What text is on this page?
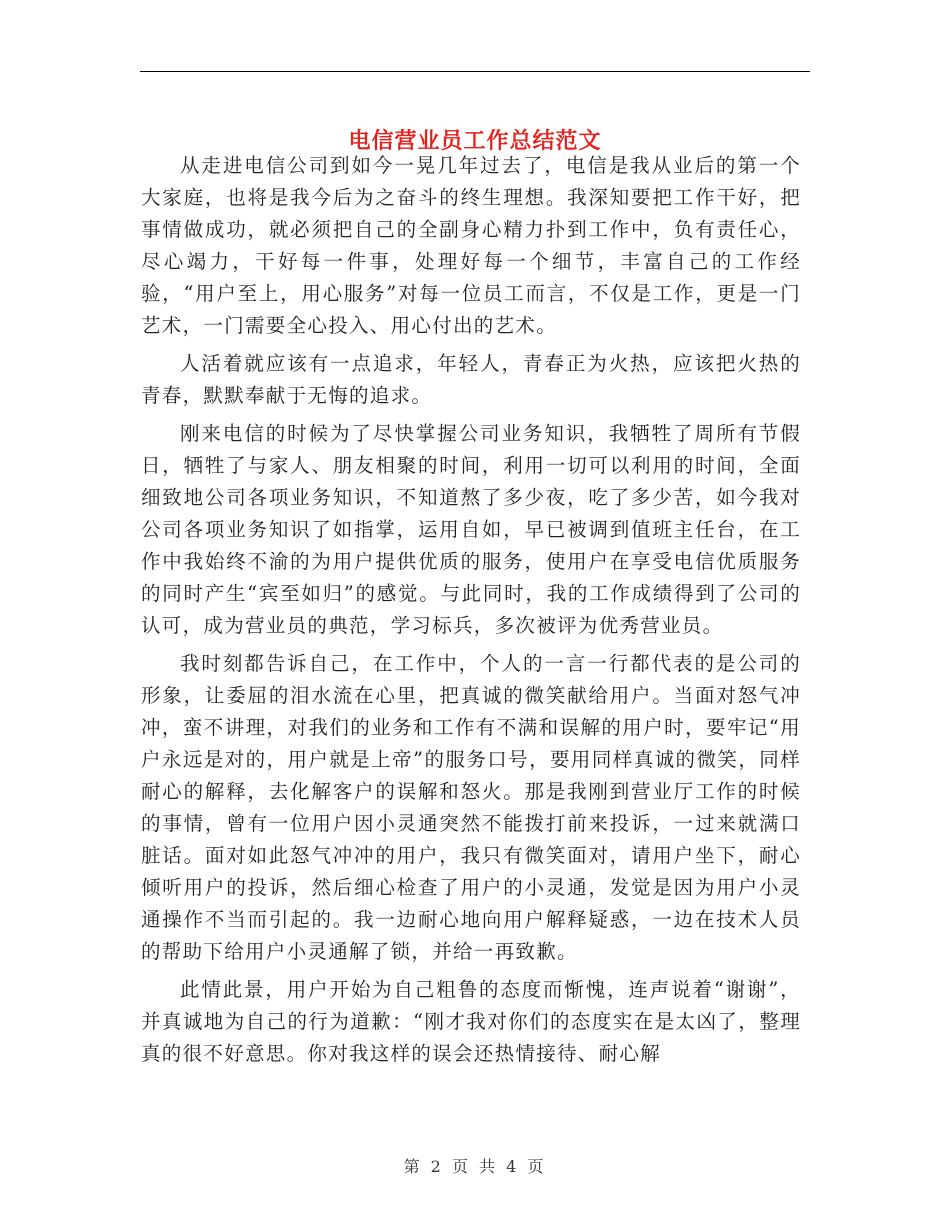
电信营业员工作总结范文

从走进电信公司到如今一晃几年过去了，电信是我从业后的第一个大家庭，也将是我今后为之奋斗的终生理想。我深知要把工作干好，把事情做成功，就必须把自己的全副身心精力扑到工作中，负有责任心，尽心竭力，干好每一件事，处理好每一个细节，丰富自己的工作经验，“用户至上，用心服务”对每一位员工而言，不仅是工作，更是一门艺术，一门需要全心投入、用心付出的艺术。

人活着就应该有一点追求，年轻人，青春正为火热，应该把火热的青春，默默奉献于无悔的追求。

刚来电信的时候为了尽快掌握公司业务知识，我牺牲了周所有节假日，牺牲了与家人、朋友相聚的时间，利用一切可以利用的时间，全面细致地公司各项业务知识，不知道熬了多少夜，吃了多少苦，如今我对公司各项业务知识了如指掌，运用自如，早已被调到值班主任台，在工作中我始终不渝的为用户提供优质的服务，使用户在享受电信优质服务的同时产生“宾至如归”的感觉。与此同时，我的工作成绩得到了公司的认可，成为营业员的典范，学习标兵，多次被评为优秀营业员。

我时刻都告诉自己，在工作中，个人的一言一行都代表的是公司的形象，让委屈的泪水流在心里，把真诚的微笑献给用户。当面对怒气冲冲，蛮不讲理，对我们的业务和工作有不满和误解的用户时，要牢记“用户永远是对的，用户就是上帝”的服务口号，要用同样真诚的微笑，同样耐心的解释，去化解客户的误解和怒火。那是我刚到营业厅工作的时候的事情，曾有一位用户因小灵通突然不能拨打前来投诉，一过来就满口脏话。面对如此怒气冲冲的用户，我只有微笑面对，请用户坐下，耐心倾听用户的投诉，然后细心检查了用户的小灵通，发觉是因为用户小灵通操作不当而引起的。我一边耐心地向用户解释疑惑，一边在技术人员的帮助下给用户小灵通解了锁，并给一再致歉。

此情此景，用户开始为自己粗鲁的态度而惭愧，连声说着“谢谢”，并真诚地为自己的行为道歉：“刚才我对你们的态度实在是太凶了，整理真的很不好意思。你对我这样的误会还热情接待、耐心解

第 2 页 共 4 页
